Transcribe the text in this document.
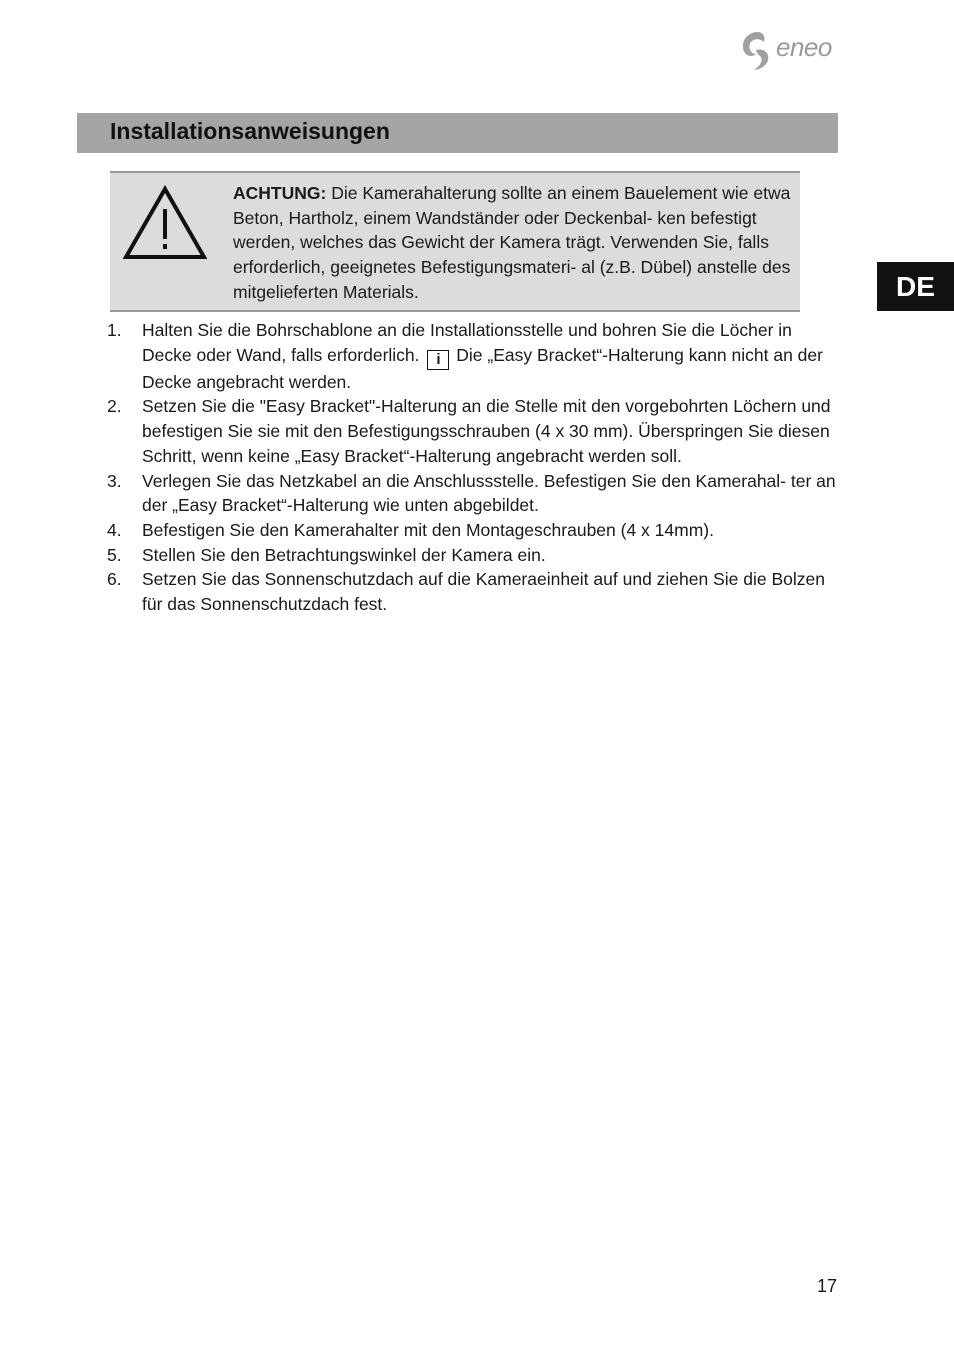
eneo
Installationsanweisungen
DE
ACHTUNG: Die Kamerahalterung sollte an einem Bauelement wie etwa Beton, Hartholz, einem Wandständer oder Deckenbal- ken befestigt werden, welches das Gewicht der Kamera trägt. Verwenden Sie, falls erforderlich, geeignetes Befestigungsmateri- al (z.B. Dübel) anstelle des mitgelieferten Materials.
1. Halten Sie die Bohrschablone an die Installationsstelle und bohren Sie die Löcher in Decke oder Wand, falls erforderlich. i Die „Easy Bracket“-Halterung kann nicht an der Decke angebracht werden.
2. Setzen Sie die "Easy Bracket"-Halterung an die Stelle mit den vorgebohrten Löchern und befestigen Sie sie mit den Befestigungsschrauben (4 x 30 mm). Überspringen Sie diesen Schritt, wenn keine „Easy Bracket“-Halterung angebracht werden soll.
3. Verlegen Sie das Netzkabel an die Anschlussstelle. Befestigen Sie den Kamerahal- ter an der „Easy Bracket“-Halterung wie unten abgebildet.
4. Befestigen Sie den Kamerahalter mit den Montageschrauben (4 x 14mm).
5. Stellen Sie den Betrachtungswinkel der Kamera ein.
6. Setzen Sie das Sonnenschutzdach auf die Kameraeinheit auf und ziehen Sie die Bolzen für das Sonnenschutzdach fest.
17
